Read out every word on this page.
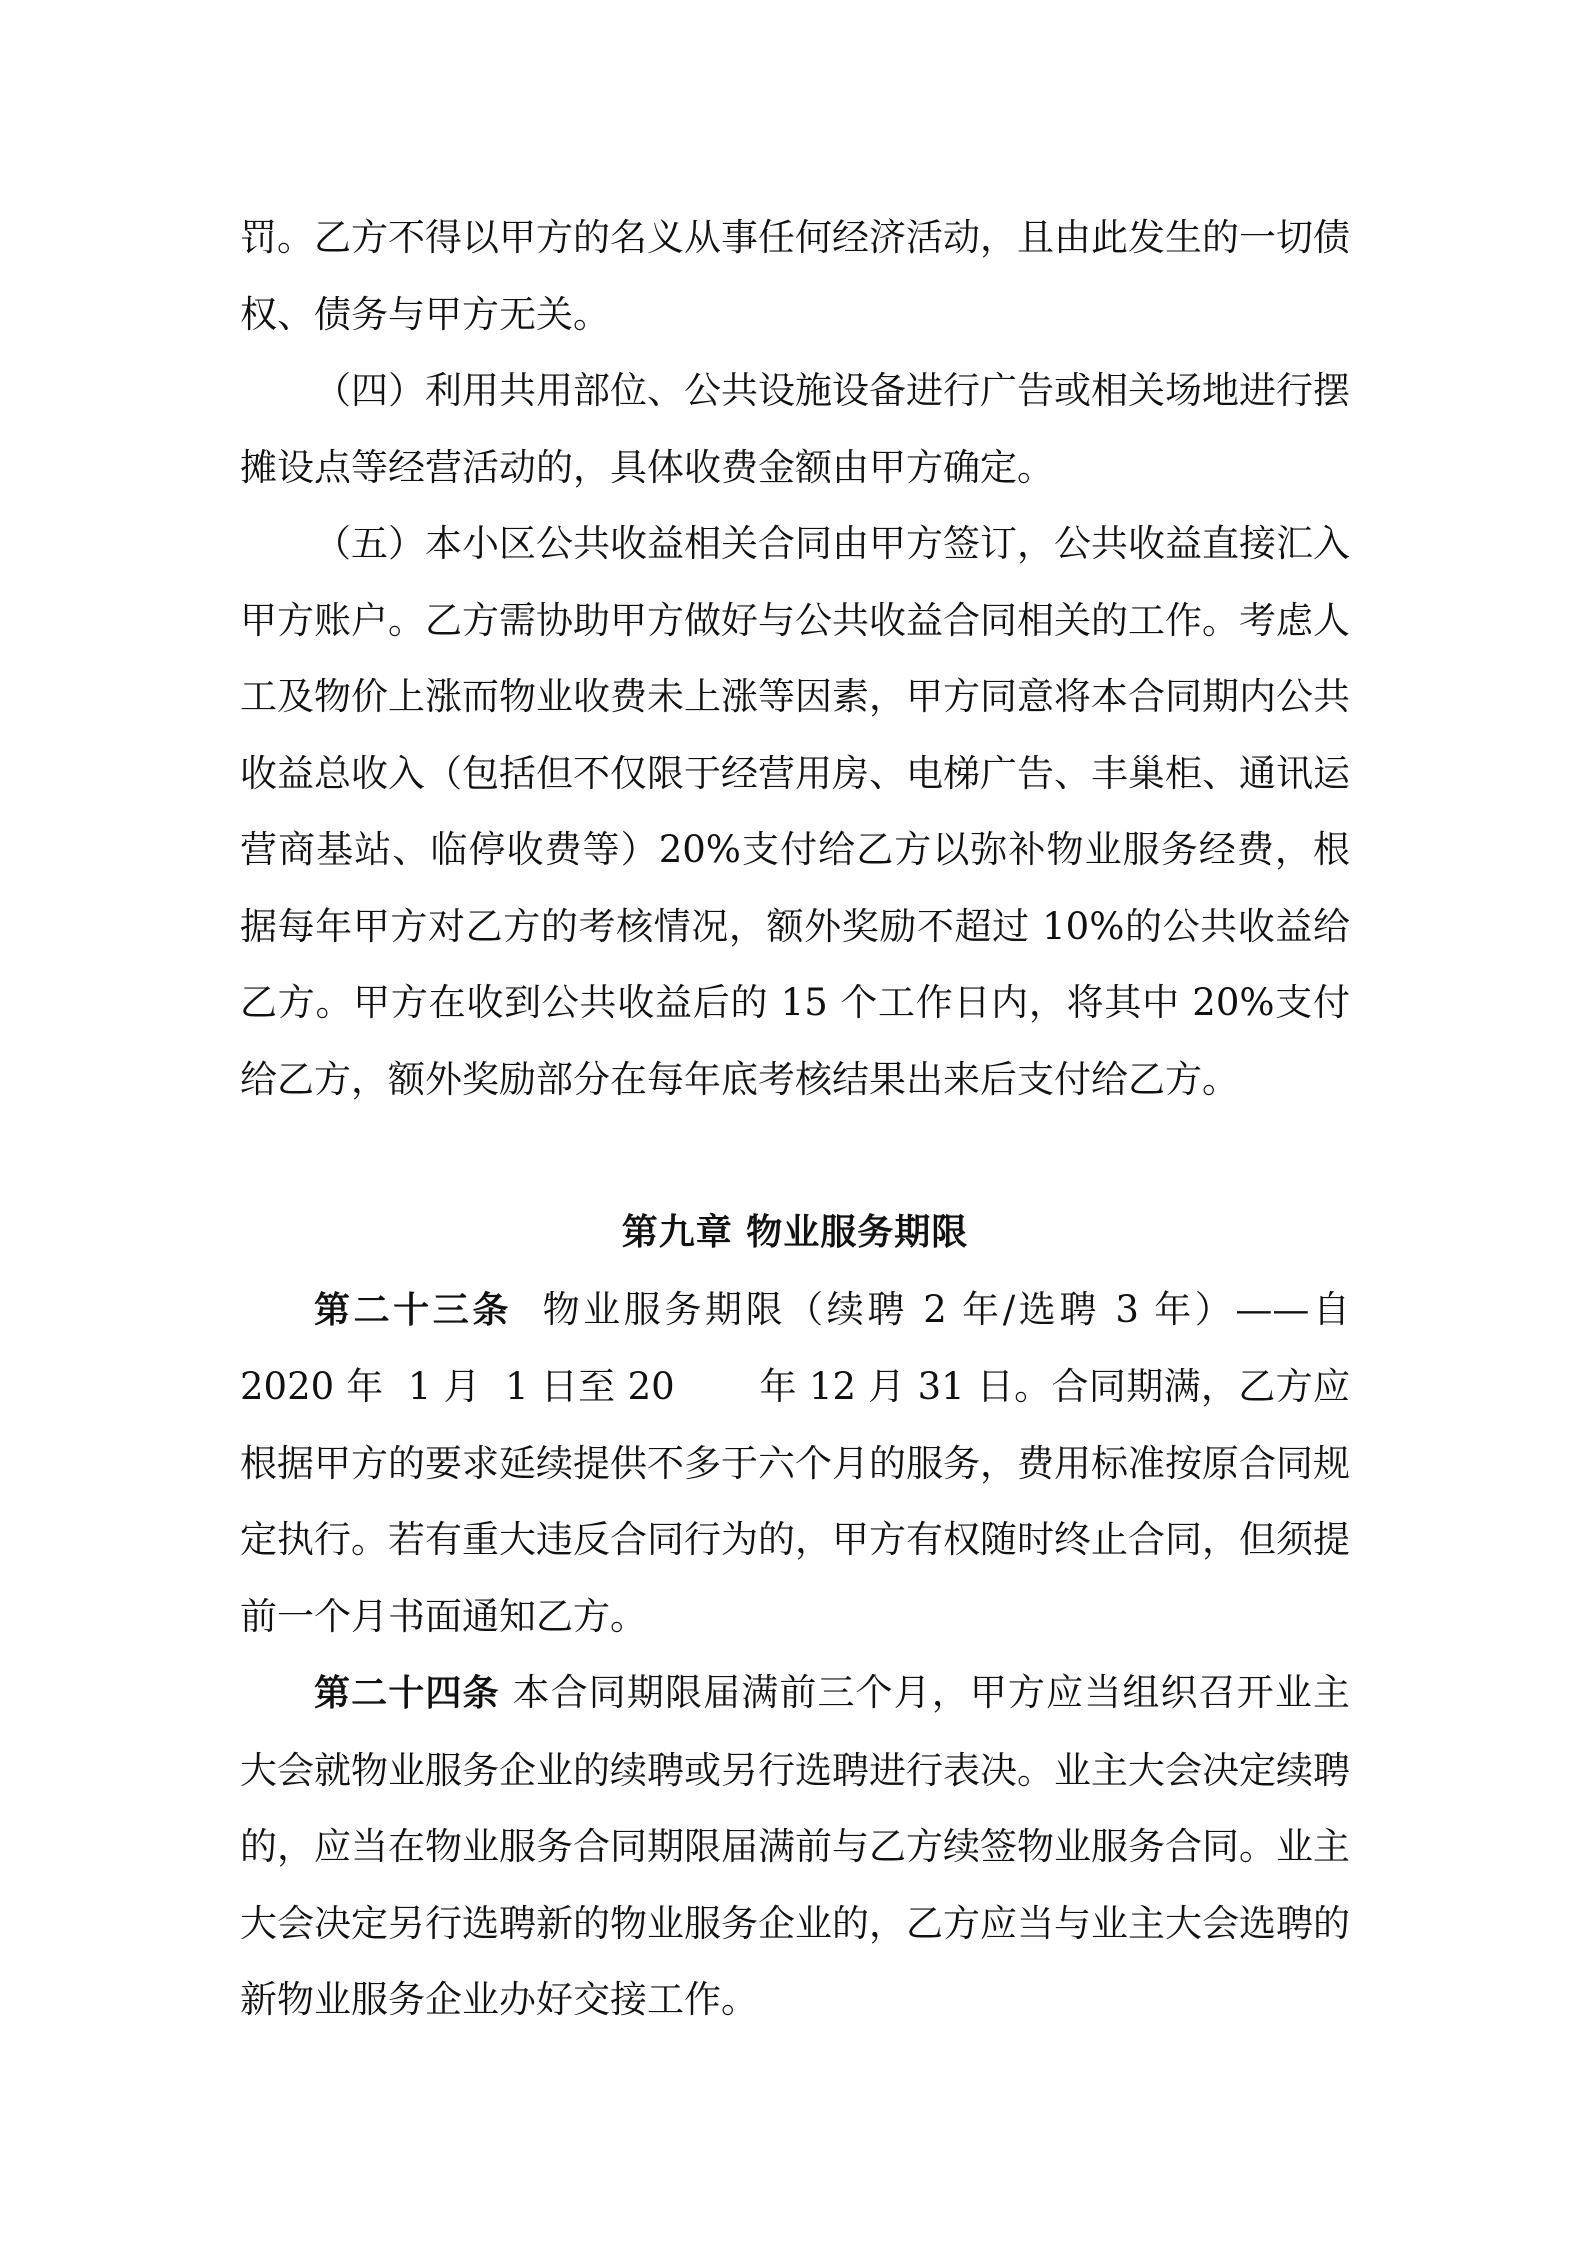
罚。乙方不得以甲方的名义从事任何经济活动，且由此发生的一切债权、债务与甲方无关。

（四）利用共用部位、公共设施设备进行广告或相关场地进行摆摊设点等经营活动的，具体收费金额由甲方确定。

（五）本小区公共收益相关合同由甲方签订，公共收益直接汇入甲方账户。乙方需协助甲方做好与公共收益合同相关的工作。考虑人工及物价上涨而物业收费未上涨等因素，甲方同意将本合同期内公共收益总收入（包括但不仅限于经营用房、电梯广告、丰巢柜、通讯运营商基站、临停收费等）20%支付给乙方以弥补物业服务经费，根据每年甲方对乙方的考核情况，额外奖励不超过 10%的公共收益给乙方。甲方在收到公共收益后的 15 个工作日内，将其中 20%支付给乙方，额外奖励部分在每年底考核结果出来后支付给乙方。

第九章 物业服务期限

第二十三条  物业服务期限（续聘 2 年/选聘 3 年）——自 2020 年  1 月  1 日至 20       年 12 月 31 日。合同期满，乙方应根据甲方的要求延续提供不多于六个月的服务，费用标准按原合同规定执行。若有重大违反合同行为的，甲方有权随时终止合同，但须提前一个月书面通知乙方。

第二十四条 本合同期限届满前三个月，甲方应当组织召开业主大会就物业服务企业的续聘或另行选聘进行表决。业主大会决定续聘的，应当在物业服务合同期限届满前与乙方续签物业服务合同。业主大会决定另行选聘新的物业服务企业的，乙方应当与业主大会选聘的新物业服务企业办好交接工作。
